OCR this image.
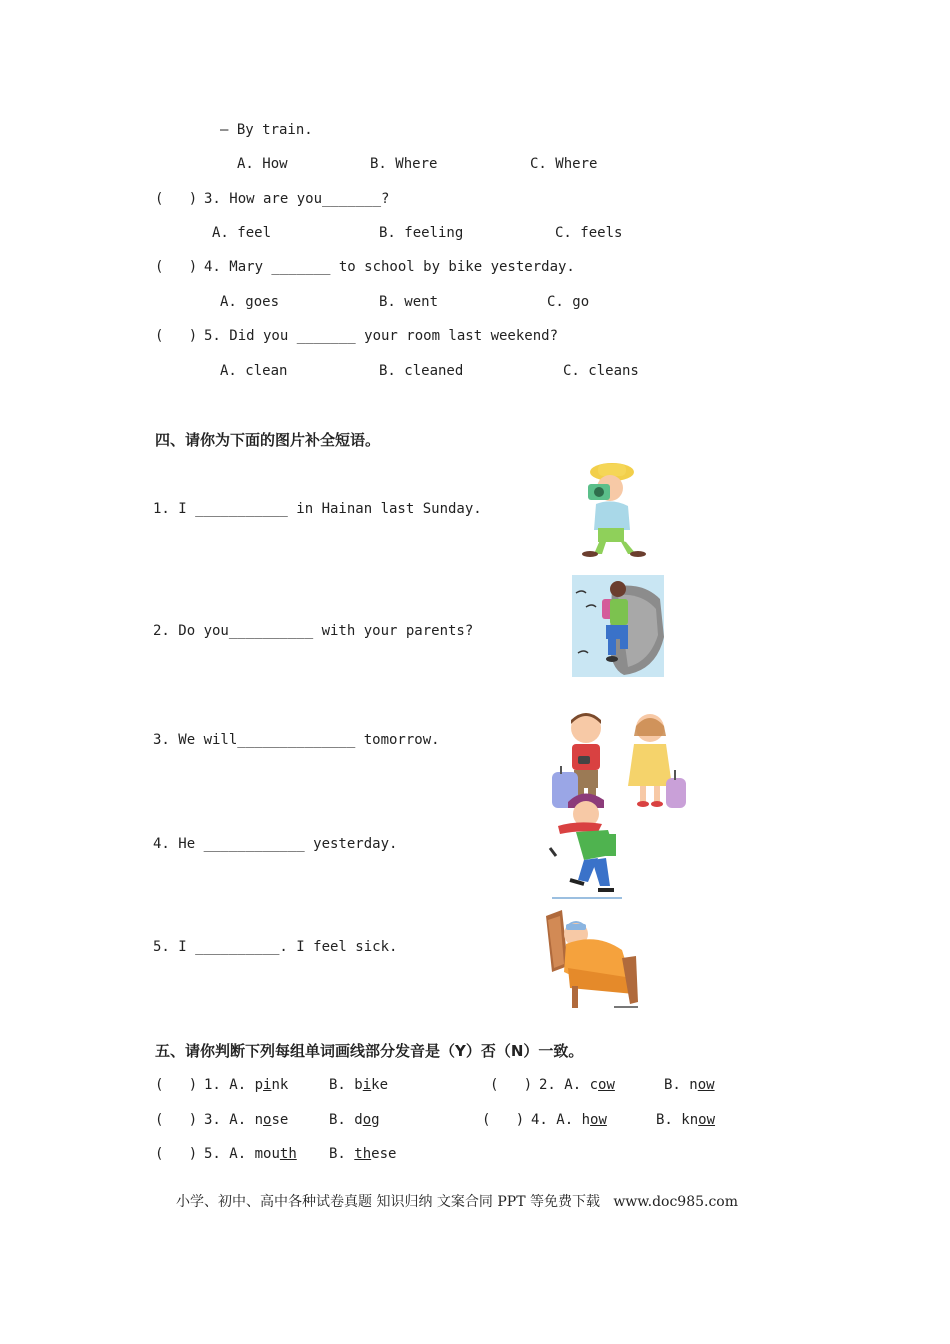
— By train.
A. How	B. Where	C. Where
(   ) 3. How are you_______?
A. feel	B. feeling	C. feels
(   ) 4. Mary _______ to school by bike yesterday.
A. goes	B. went	C. go
(   ) 5. Did you _______ your room last weekend?
A. clean	B. cleaned	C. cleans
四、请你为下面的图片补全短语。
1. I ___________ in Hainan last Sunday.
2. Do you__________ with your parents?
3. We will______________ tomorrow.
4. He ____________ yesterday.
5. I __________. I feel sick.
五、请你判断下列每组单词画线部分发音是（Y）否（N）一致。
(   ) 1. A. pink	B. bike	(   ) 2. A. cow	B. now
(   ) 3. A. nose	B. dog	(   ) 4. A. how	B. know
(   ) 5. A. mouth B. these
小学、初中、高中各种试卷真题 知识归纳 文案合同 PPT 等免费下载   www.doc985.com
